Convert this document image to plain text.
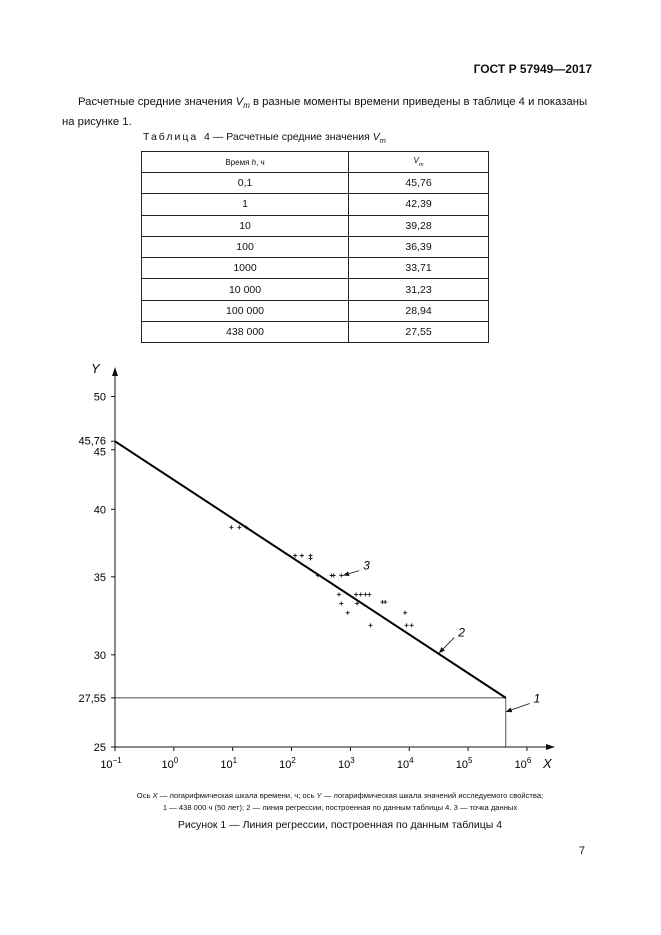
ГОСТ Р 57949—2017
Расчетные средние значения $V_m$ в разные моменты времени приведены в таблице 4 и показаны
на рисунке 1.
Таблица 4 — Расчетные средние значения $V_m$
Время h, ч	$V_m$
0,1	45,76
1	42,39
10	39,28
100	36,39
1000	33,71
10 000	31,23
100 000	28,94
438 000	27,55
X
Y
$10^{-1}$	$10^0$	$10^1$	$10^2$	$10^3$	$10^4$	$10^5$	$10^6$
25
27,55
30
35
40
45
45,76
50
1
2
3
Ось X — логарифмическая шкала времени, ч; ось Y — логарифмическая шкала значений исследуемого свойства;
1 — 438 000 ч (50 лет); 2 — линия регрессии, построенная по данным таблицы 4. 3 — точка данных
Рисунок 1 — Линия регрессии, построенная по данным таблицы 4
7
